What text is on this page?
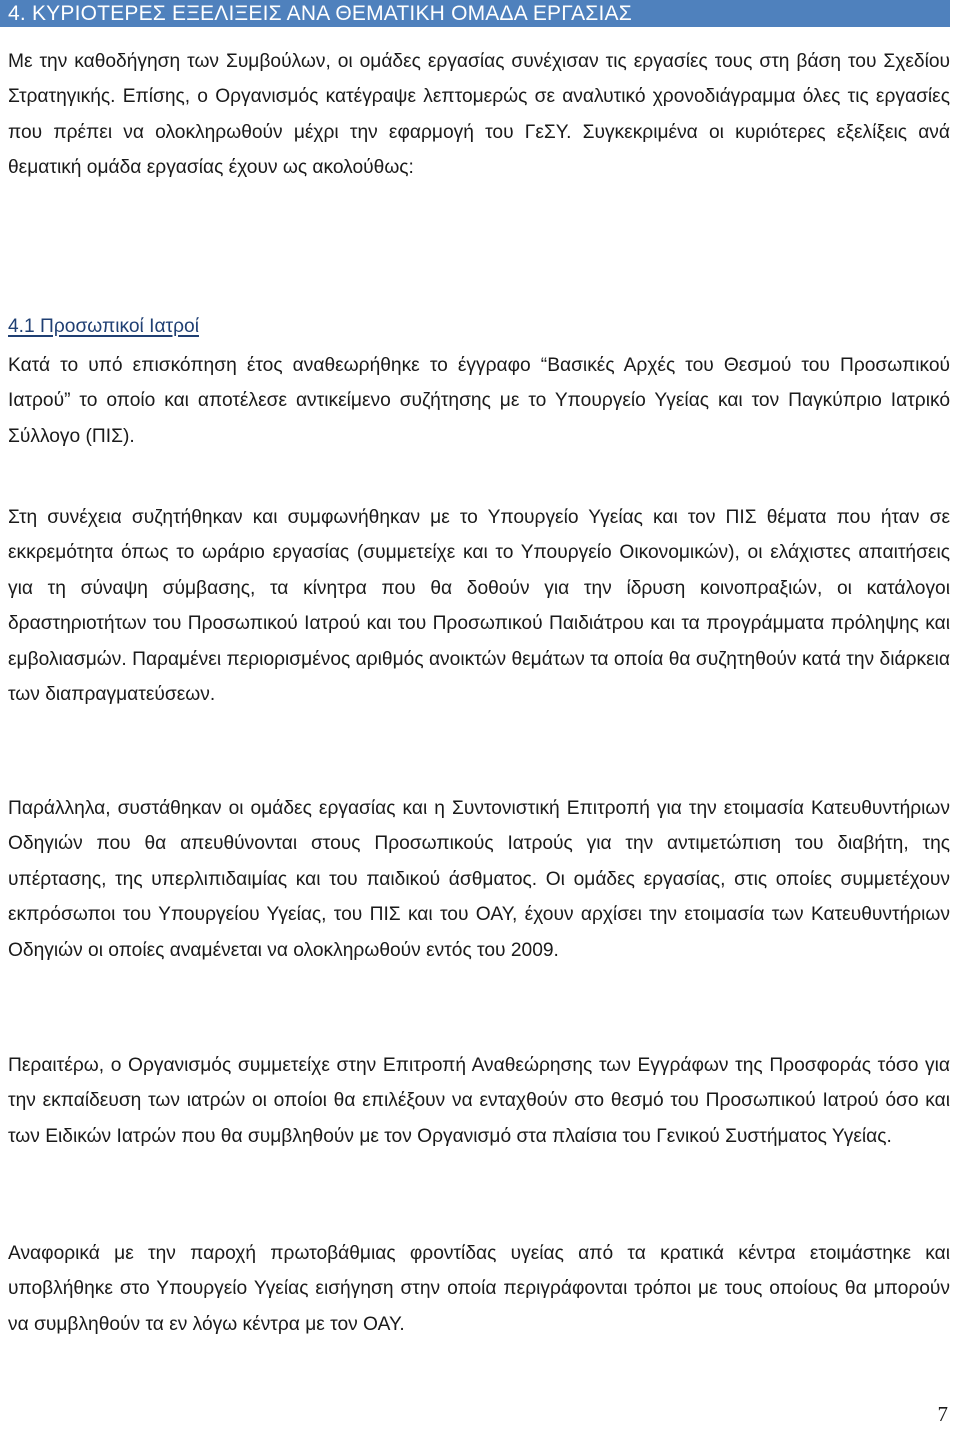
4. ΚΥΡΙΟΤΕΡΕΣ ΕΞΕΛΙΞΕΙΣ ΑΝΑ ΘΕΜΑΤΙΚΗ ΟΜΑΔΑ ΕΡΓΑΣΙΑΣ

Με την καθοδήγηση των Συμβούλων, οι ομάδες εργασίας συνέχισαν τις εργασίες τους στη βάση του Σχεδίου Στρατηγικής. Επίσης, ο Οργανισμός κατέγραψε λεπτομερώς σε αναλυτικό χρονοδιάγραμμα όλες τις εργασίες που πρέπει να ολοκληρωθούν μέχρι την εφαρμογή του ΓεΣΥ. Συγκεκριμένα οι κυριότερες εξελίξεις ανά θεματική ομάδα εργασίας έχουν ως ακολούθως:

4.1 Προσωπικοί Ιατροί

Κατά το υπό επισκόπηση έτος αναθεωρήθηκε το έγγραφο “Βασικές Αρχές του Θεσμού του Προσωπικού Ιατρού” το οποίο και αποτέλεσε αντικείμενο συζήτησης με το Υπουργείο Υγείας και τον Παγκύπριο Ιατρικό Σύλλογο (ΠΙΣ).

Στη συνέχεια συζητήθηκαν και συμφωνήθηκαν με το Υπουργείο Υγείας και τον ΠΙΣ θέματα που ήταν σε εκκρεμότητα όπως το ωράριο εργασίας (συμμετείχε και το Υπουργείο Οικονομικών), οι ελάχιστες απαιτήσεις για τη σύναψη σύμβασης, τα κίνητρα που θα δοθούν για την ίδρυση κοινοπραξιών, οι κατάλογοι δραστηριοτήτων του Προσωπικού Ιατρού και του Προσωπικού Παιδιάτρου και τα προγράμματα πρόληψης και εμβολιασμών. Παραμένει περιορισμένος αριθμός ανοικτών θεμάτων τα οποία θα συζητηθούν κατά την διάρκεια των διαπραγματεύσεων.

Παράλληλα, συστάθηκαν οι ομάδες εργασίας και η Συντονιστική Επιτροπή για την ετοιμασία Κατευθυντήριων Οδηγιών που θα απευθύνονται στους Προσωπικούς Ιατρούς για την αντιμετώπιση του διαβήτη, της υπέρτασης, της υπερλιπιδαιμίας και του παιδικού άσθματος. Οι ομάδες εργασίας, στις οποίες συμμετέχουν εκπρόσωποι του Υπουργείου Υγείας, του ΠΙΣ και του ΟΑΥ, έχουν αρχίσει την ετοιμασία των Κατευθυντήριων Οδηγιών οι οποίες αναμένεται να ολοκληρωθούν εντός του 2009.

Περαιτέρω, ο Οργανισμός συμμετείχε στην Επιτροπή Αναθεώρησης των Εγγράφων της Προσφοράς τόσο για την εκπαίδευση των ιατρών οι οποίοι θα επιλέξουν να ενταχθούν στο θεσμό του Προσωπικού Ιατρού όσο και των Ειδικών Ιατρών που θα συμβληθούν με τον Οργανισμό στα πλαίσια του Γενικού Συστήματος Υγείας.

Αναφορικά με την παροχή πρωτοβάθμιας φροντίδας υγείας από τα κρατικά κέντρα ετοιμάστηκε και υποβλήθηκε στο Υπουργείο Υγείας εισήγηση στην οποία περιγράφονται τρόποι με τους οποίους θα μπορούν να συμβληθούν τα εν λόγω κέντρα με τον ΟΑΥ.

7
